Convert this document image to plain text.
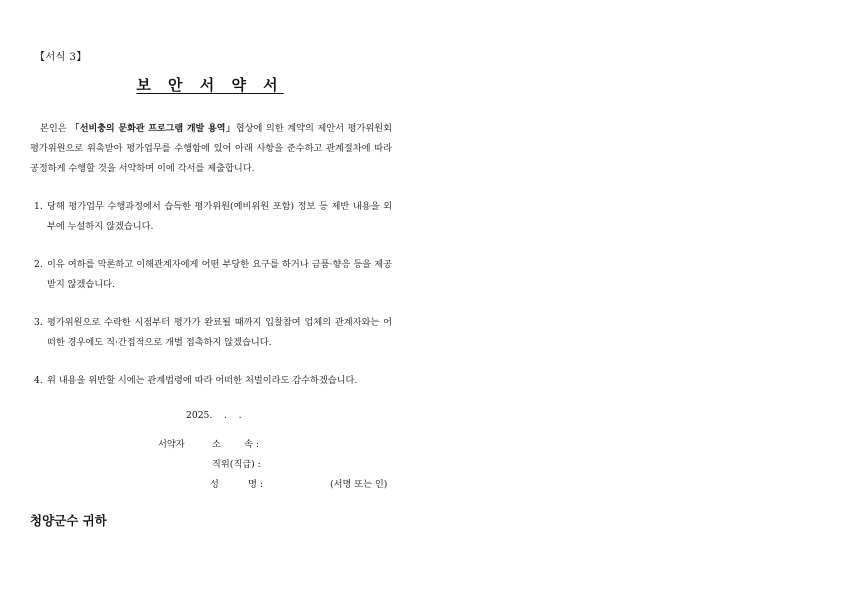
【서식 3】
보 안 서 약 서
본인은 「선비충의 문화관 프로그램 개발 용역」협상에 의한 계약의 제안서 평가위원회 평가위원으로 위촉받아 평가업무를 수행함에 있어 아래 사항을 준수하고 관계절차에 따라 공정하게 수행할 것을 서약하며 이에 각서를 제출합니다.
1. 당해 평가업무 수행과정에서 습득한 평가위원(예비위원 포함) 정보 등 제반 내용을 외부에 누설하지 않겠습니다.
2. 이유 여하를 막론하고 이해관계자에게 어떤 부당한 요구를 하거나 금품·향응 등을 제공받지 않겠습니다.
3. 평가위원으로 수락한 시점부터 평가가 완료될 때까지 입찰참여 업체의 관계자와는 어떠한 경우에도 직·간접적으로 개별 접촉하지 않겠습니다.
4. 위 내용을 위반할 시에는 관계법령에 따라 어떠한 처벌이라도 감수하겠습니다.
2025.    .    .
서약자	소        속 :
직위(직급) :
성          명 :	(서명 또는 인)
청양군수 귀하
